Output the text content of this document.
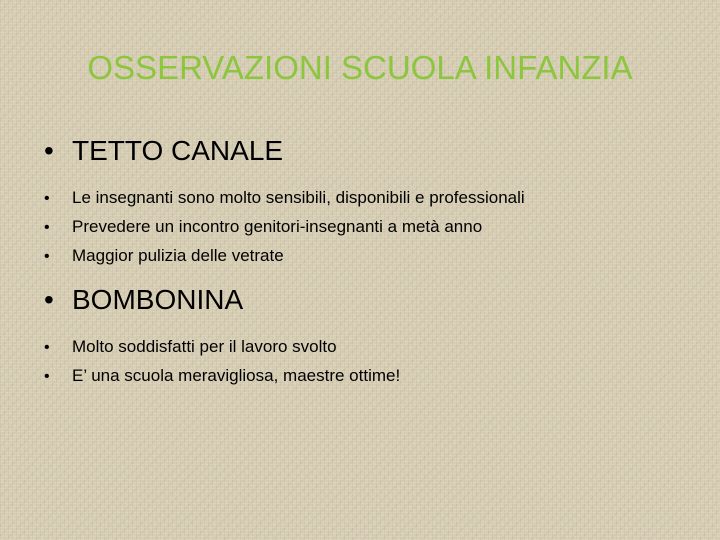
OSSERVAZIONI SCUOLA INFANZIA
• TETTO CANALE
•	Le insegnanti sono molto sensibili, disponibili e professionali
•	Prevedere un incontro genitori-insegnanti a metà anno
•	Maggior pulizia delle vetrate
• BOMBONINA
•	Molto soddisfatti per il lavoro svolto
•	E’ una scuola meravigliosa, maestre ottime!
